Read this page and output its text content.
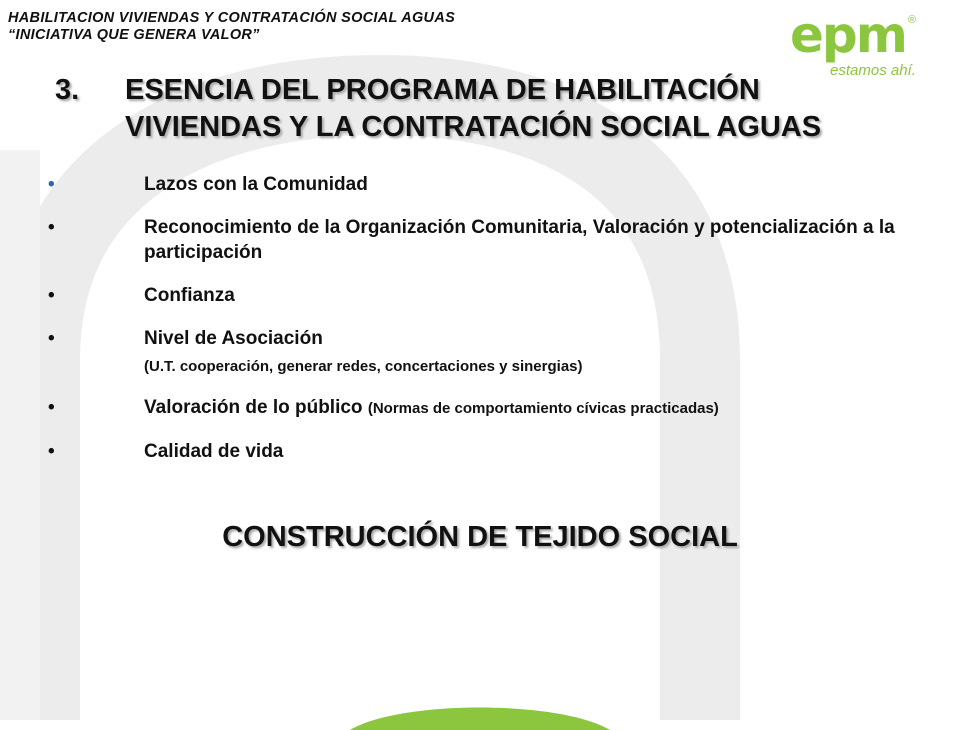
HABILITACION VIVIENDAS Y CONTRATACIÓN SOCIAL AGUAS
“INICIATIVA QUE GENERA VALOR”	epm ®
estamos ahí.
3.	ESENCIA DEL PROGRAMA DE HABILITACIÓN
VIVIENDAS Y LA CONTRATACIÓN SOCIAL AGUAS
•	Lazos con la Comunidad
•	Reconocimiento de la Organización Comunitaria, Valoración y potencialización a la participación
•	Confianza
•	Nivel de Asociación
(U.T. cooperación, generar redes, concertaciones y sinergias)
•	Valoración de lo público (Normas de comportamiento cívicas practicadas)
•	Calidad de vida
CONSTRUCCIÓN DE TEJIDO SOCIAL
